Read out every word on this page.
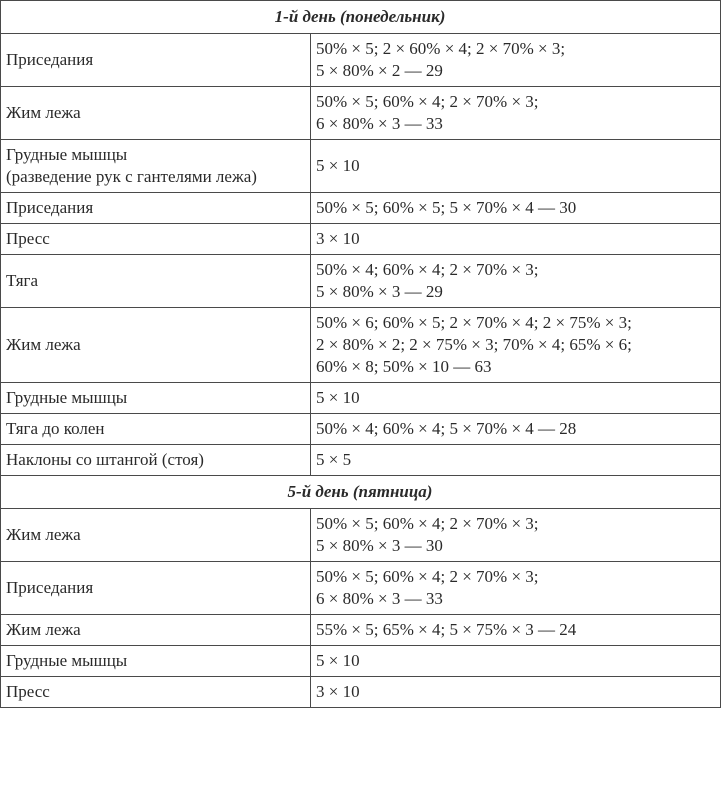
1-й день (понедельник)	
Приседания	50% × 5; 2 × 60% × 4; 2 × 70% × 3;
5 × 80% × 2 — 29
Жим лежа	50% × 5; 60% × 4; 2 × 70% × 3;
6 × 80% × 3 — 33
Грудные мышцы
(разведение рук с гантелями лежа)	5 × 10
Приседания	50% × 5; 60% × 5; 5 × 70% × 4 — 30
Пресс	3 × 10
Тяга	50% × 4; 60% × 4; 2 × 70% × 3;
5 × 80% × 3 — 29
Жим лежа	50% × 6; 60% × 5; 2 × 70% × 4; 2 × 75% × 3;
2 × 80% × 2; 2 × 75% × 3; 70% × 4; 65% × 6;
60% × 8; 50% × 10 — 63
Грудные мышцы	5 × 10
Тяга до колен	50% × 4; 60% × 4; 5 × 70% × 4 — 28
Наклоны со штангой (стоя)	5 × 5
5-й день (пятница)	
Жим лежа	50% × 5; 60% × 4; 2 × 70% × 3;
5 × 80% × 3 — 30
Приседания	50% × 5; 60% × 4; 2 × 70% × 3;
6 × 80% × 3 — 33
Жим лежа	55% × 5; 65% × 4; 5 × 75% × 3 — 24
Грудные мышцы	5 × 10
Пресс	3 × 10
